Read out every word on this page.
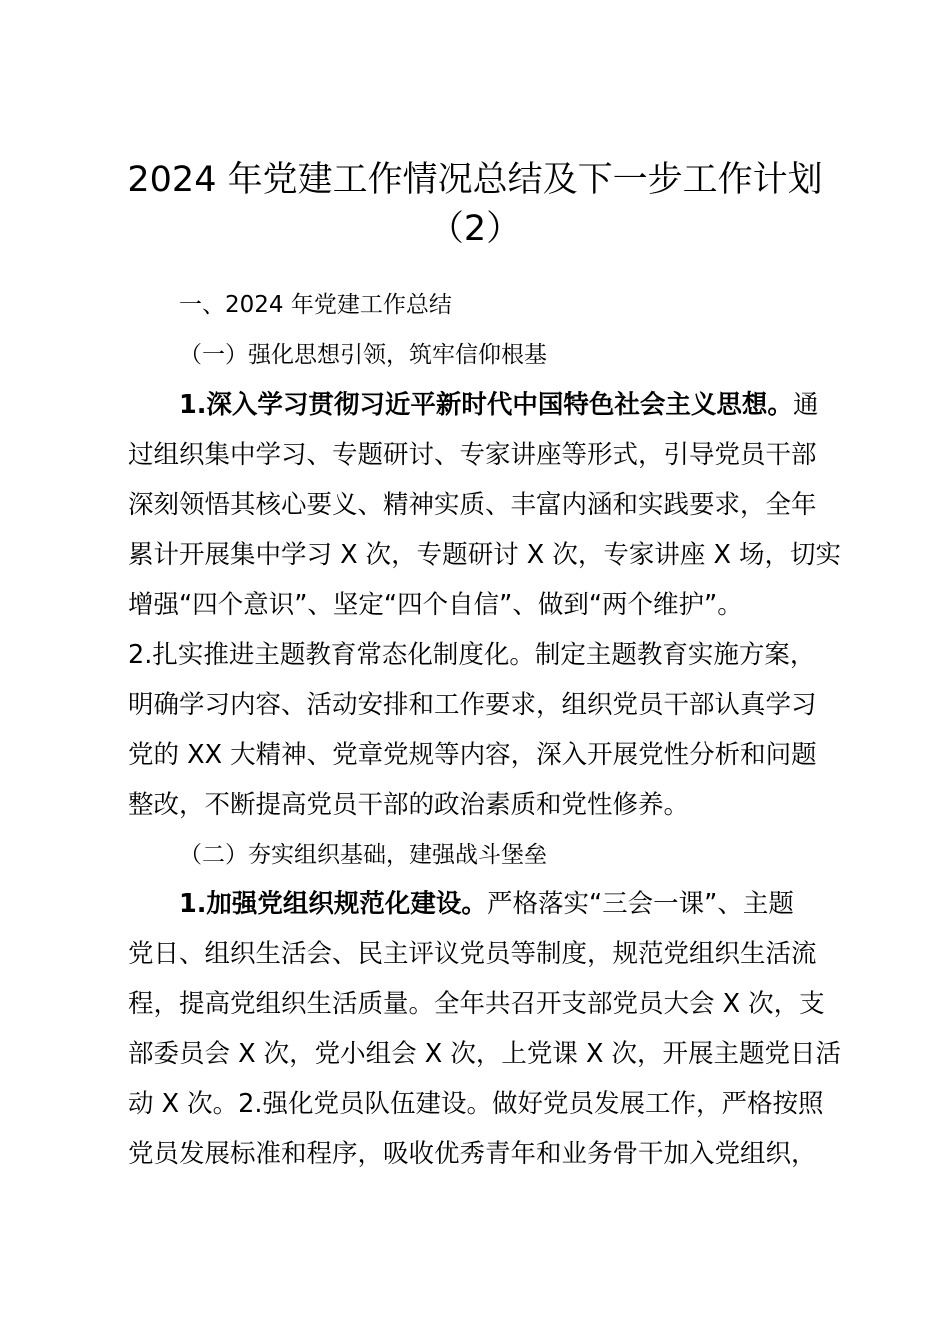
2024 年党建工作情况总结及下一步工作计划
（2）
一、2024 年党建工作总结
（一）强化思想引领，筑牢信仰根基
1.深入学习贯彻习近平新时代中国特色社会主义思想。通
过组织集中学习、专题研讨、专家讲座等形式，引导党员干部
深刻领悟其核心要义、精神实质、丰富内涵和实践要求，全年
累计开展集中学习 X 次，专题研讨 X 次，专家讲座 X 场，切实
增强“四个意识”、坚定“四个自信”、做到“两个维护”。
2.扎实推进主题教育常态化制度化。制定主题教育实施方案，
明确学习内容、活动安排和工作要求，组织党员干部认真学习
党的 XX 大精神、党章党规等内容，深入开展党性分析和问题
整改，不断提高党员干部的政治素质和党性修养。
（二）夯实组织基础，建强战斗堡垒
1.加强党组织规范化建设。严格落实“三会一课”、主题
党日、组织生活会、民主评议党员等制度，规范党组织生活流
程，提高党组织生活质量。全年共召开支部党员大会 X 次，支
部委员会 X 次，党小组会 X 次，上党课 X 次，开展主题党日活
动 X 次。2.强化党员队伍建设。做好党员发展工作，严格按照
党员发展标准和程序，吸收优秀青年和业务骨干加入党组织，
